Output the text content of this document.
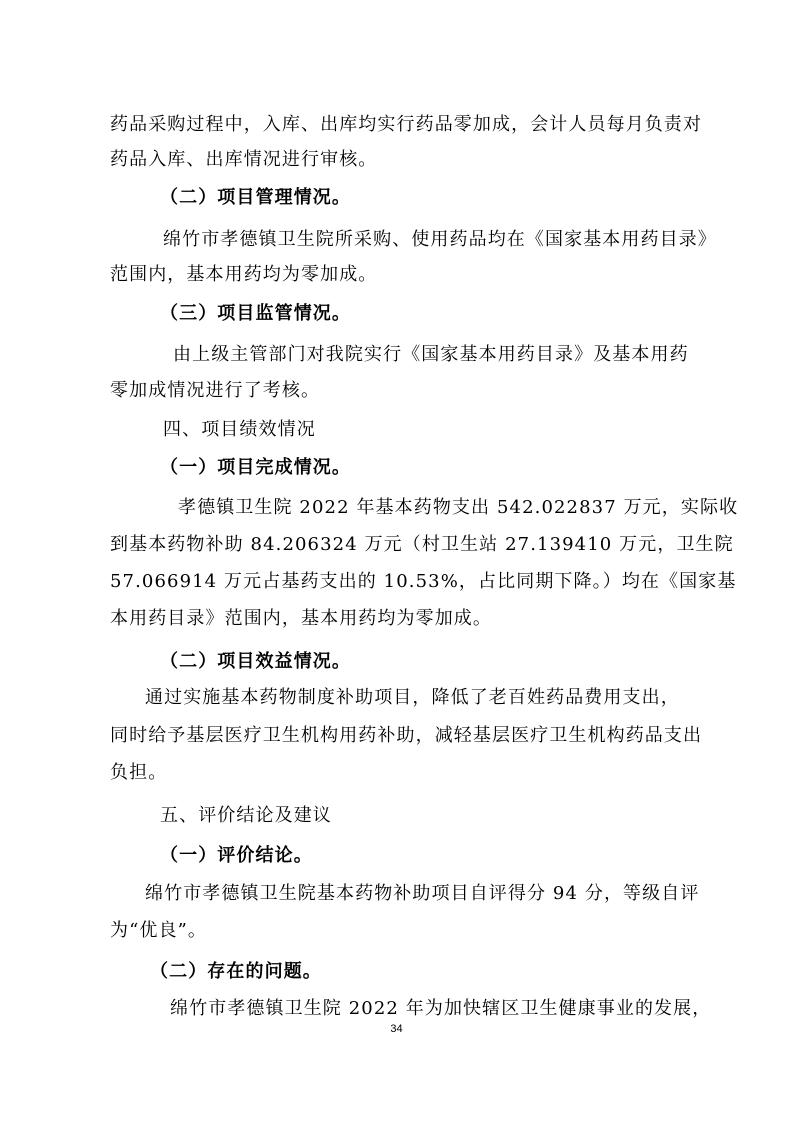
药品采购过程中，入库、出库均实行药品零加成，会计人员每月负责对

药品入库、出库情况进行审核。

（二）项目管理情况。

绵竹市孝德镇卫生院所采购、使用药品均在《国家基本用药目录》

范围内，基本用药均为零加成。

（三）项目监管情况。

由上级主管部门对我院实行《国家基本用药目录》及基本用药

零加成情况进行了考核。

四、项目绩效情况

（一）项目完成情况。

孝德镇卫生院 2022 年基本药物支出 542.022837 万元，实际收

到基本药物补助 84.206324 万元（村卫生站 27.139410 万元，卫生院

57.066914 万元占基药支出的 10.53%，占比同期下降。）均在《国家基

本用药目录》范围内，基本用药均为零加成。

（二）项目效益情况。

通过实施基本药物制度补助项目，降低了老百姓药品费用支出，

同时给予基层医疗卫生机构用药补助，减轻基层医疗卫生机构药品支出

负担。

五、评价结论及建议

（一）评价结论。

绵竹市孝德镇卫生院基本药物补助项目自评得分 94 分，等级自评

为“优良”。

（二）存在的问题。

绵竹市孝德镇卫生院 2022 年为加快辖区卫生健康事业的发展，

34
